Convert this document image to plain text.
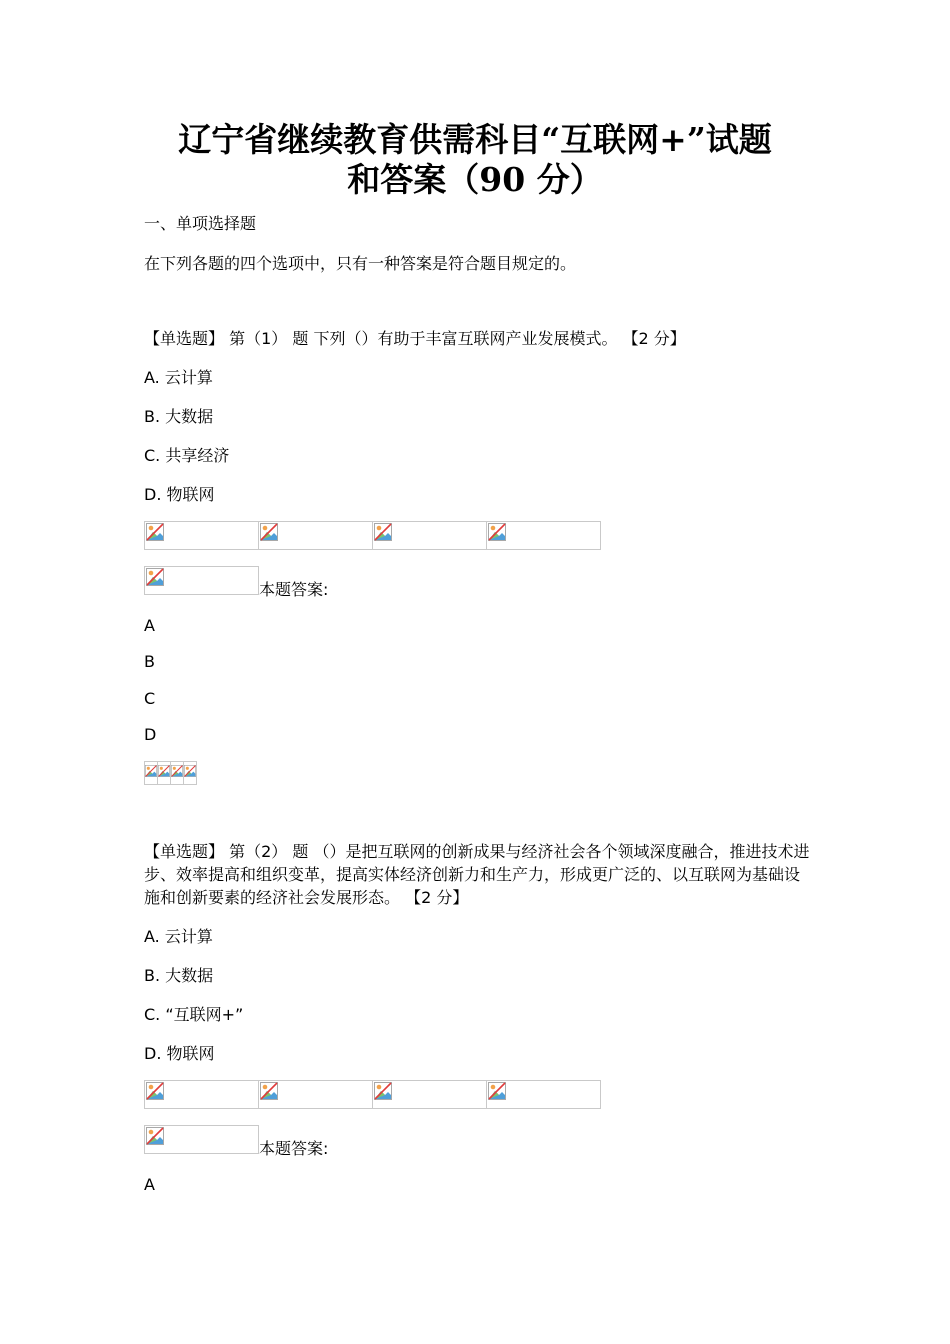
辽宁省继续教育供需科目“互联网+”试题
和答案（90 分）
一、单项选择题
在下列各题的四个选项中，只有一种答案是符合题目规定的。
【单选题】 第（1） 题 下列（）有助于丰富互联网产业发展模式。 【2 分】
A. 云计算
B. 大数据
C. 共享经济
D. 物联网
本题答案:
A
B
C
D
【单选题】 第（2） 题 （）是把互联网的创新成果与经济社会各个领域深度融合，推进技术进步、效率提高和组织变革，提高实体经济创新力和生产力，形成更广泛的、以互联网为基础设施和创新要素的经济社会发展形态。 【2 分】
A. 云计算
B. 大数据
C. “互联网+”
D. 物联网
本题答案:
A
